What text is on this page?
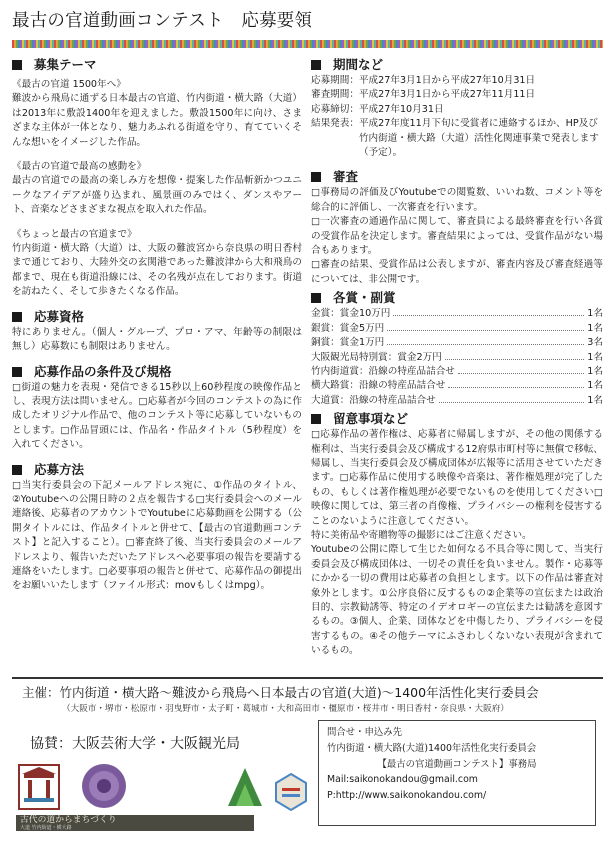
最古の官道動画コンテスト　応募要領
募集テーマ
《最古の官道 1500年へ》
難波から飛鳥に通ずる日本最古の官道、竹内街道・横大路（大道）は2013年に敷設1400年を迎えました。敷設1500年に向け、さまざまな主体が一体となり、魅力あふれる街道を守り、育てていくそんな想いをイメージした作品。
《最古の官道で最高の感動を》
最古の官道での最高の楽しみ方を想像・提案した作品斬新かつユニークなアイデアが盛り込まれ、風景画のみではく、ダンスやアート、音楽などさまざまな視点を取入れた作品。
《ちょっと最古の官道まで》
竹内街道・横大路（大道）は、大阪の難波宮から奈良県の明日香村まで通じており、大陸外交の玄関港であった難波津から大和飛鳥の都まで、現在も街道沿線には、その名残が点在しております。街道を訪ねたく、そして歩きたくなる作品。
応募資格
特にありません。（個人・グループ、プロ・アマ、年齢等の制限は無し）応募数にも制限はありません。
応募作品の条件及び規格
□街道の魅力を表現・発信できる15秒以上60秒程度の映像作品とし、表現方法は問いません。□応募者が今回のコンテストの為に作成したオリジナル作品で、他のコンテスト等に応募していないものとします。□作品冒頭には、作品名・作品タイトル（5秒程度）を入れてください。
応募方法
□当実行委員会の下記メールアドレス宛に、①作品のタイトル、②Youtubeへの公開日時の２点を報告する□実行委員会へのメール連絡後、応募者のアカウントでYoutubeに応募動画を公開する（公開タイトルには、作品タイトルと併せて、【最古の官道動画コンテスト】と記入すること）。□審査終了後、当実行委員会のメールアドレスより、報告いただいたアドレスへ必要事項の報告を要請する連絡をいたします。□必要事項の報告と併せて、応募作品の御提出をお願いいたします（ファイル形式：movもしくはmpg）。
期間など
応募期間： 平成27年3月1日から平成27年10月31日
審査期間： 平成27年3月1日から平成27年11月11日
応募締切： 平成27年10月31日
結果発表： 平成27年度11月下旬に受賞者に連絡するほか、HP及び竹内街道・横大路（大道）活性化関連事業で発表します（予定）。
審査
□事務局の評価及びYoutubeでの閲覧数、いいね数、コメント等を総合的に評価し、一次審査を行います。
□一次審査の通過作品に関して、審査員による最終審査を行い各賞の受賞作品を決定します。審査結果によっては、受賞作品がない場合もあります。
□審査の結果、受賞作品は公表しますが、審査内容及び審査経過等については、非公開です。
各賞・副賞
金賞：賞金10万円	1名
銀賞：賞金5万円	1名
銅賞：賞金1万円	3名
大阪観光局特別賞：賞金2万円	1名
竹内街道賞：沿線の特産品詰合せ	1名
横大路賞：沿線の特産品詰合せ	1名
大道賞：沿線の特産品詰合せ	1名
留意事項など
□応募作品の著作権は、応募者に帰属しますが、その他の関係する権利は、当実行委員会及び構成する12府県市町村等に無償で移転、帰属し、当実行委員会及び構成団体が広報等に活用させていただきます。□応募作品に使用する映像や音楽は、著作権処理が完了したもの、もしくは著作権処理が必要でないものを使用してください□映像に関しては、第三者の肖像権、プライバシーの権利を侵害することのないように注意してください。
特に美術品や寄贈物等の撮影にはご注意ください。
Youtubeの公開に際して生じた如何なる不具合等に関して、当実行委員会及び構成団体は、一切その責任を負いません。製作・応募等にかかる一切の費用は応募者の負担とします。以下の作品は審査対象外とします。①公序良俗に反するもの②企業等の宣伝または政治目的、宗教勧誘等、特定のイデオロギーの宣伝または勧誘を意図するもの。③個人、企業、団体などを中傷したり、プライバシーを侵害するもの。④その他テーマにふさわしくないない表現が含まれているもの。
主催：竹内街道・横大路～難波から飛鳥へ日本最古の官道(大道)～1400年活性化実行委員会
（大阪市・堺市・松原市・羽曳野市・太子町・葛城市・大和高田市・橿原市・桜井市・明日香村・奈良県・大阪府）
協賛：大阪芸術大学・大阪観光局
古代の道からまちづくり
大道 竹内街道・横大路
問合せ・申込み先
竹内街道・横大路(大道)1400年活性化実行委員会
【最古の官道動画コンテスト】事務局
Mail:saikonokandou@gmail.com
P:http://www.saikonokandou.com/
